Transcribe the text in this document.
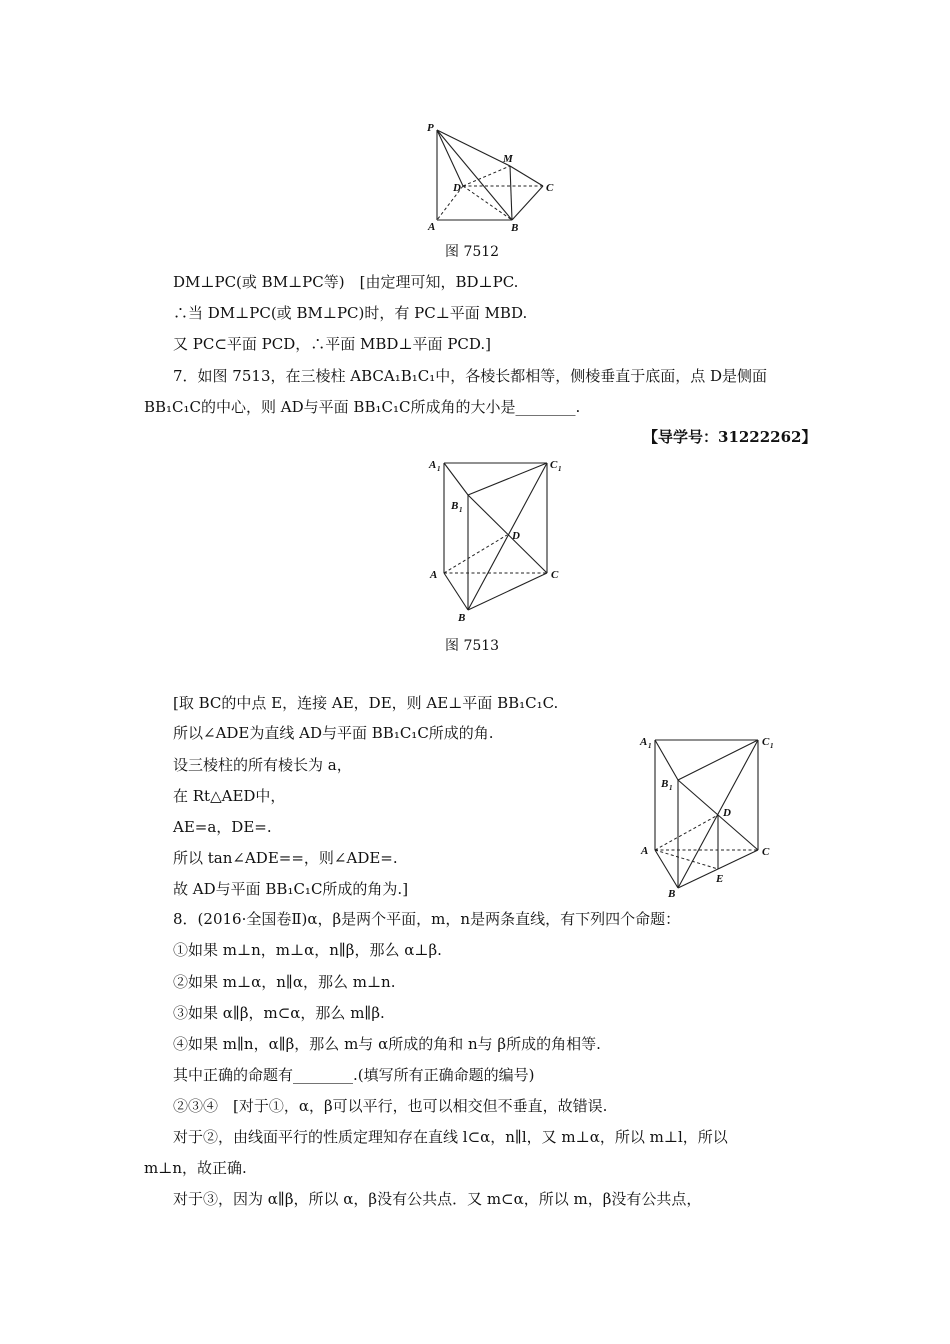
P
M
D	C
A	B
图 7512
DM⊥PC(或 BM⊥PC等)　[由定理可知，BD⊥PC.
∴当 DM⊥PC(或 BM⊥PC)时，有 PC⊥平面 MBD.
又 PC⊂平面 PCD，∴平面 MBD⊥平面 PCD.]
7．如图 7513，在三棱柱 ABCA₁B₁C₁中，各棱长都相等，侧棱垂直于底面，点 D是侧面
BB₁C₁C的中心，则 AD与平面 BB₁C₁C所成角的大小是________.
【导学号：31222262】
A 1	C 1
B 1
D
A	C
B
图 7513
[取 BC的中点 E，连接 AE，DE，则 AE⊥平面 BB₁C₁C.
所以∠ADE为直线 AD与平面 BB₁C₁C所成的角.
设三棱柱的所有棱长为 a，
在 Rt△AED中，
AE=a，DE=.
所以 tan∠ADE==，则∠ADE=.
故 AD与平面 BB₁C₁C所成的角为.]
A 1	C 1
B 1
D
A	C
E
B
8．(2016·全国卷Ⅱ)α，β是两个平面，m，n是两条直线，有下列四个命题：
①如果 m⊥n，m⊥α，n∥β，那么 α⊥β.
②如果 m⊥α，n∥α，那么 m⊥n.
③如果 α∥β，m⊂α，那么 m∥β.
④如果 m∥n，α∥β，那么 m与 α所成的角和 n与 β所成的角相等.
其中正确的命题有________.(填写所有正确命题的编号)
②③④　[对于①，α，β可以平行，也可以相交但不垂直，故错误.
对于②，由线面平行的性质定理知存在直线 l⊂α，n∥l，又 m⊥α，所以 m⊥l，所以
m⊥n，故正确.
对于③，因为 α∥β，所以 α，β没有公共点．又 m⊂α，所以 m，β没有公共点，
